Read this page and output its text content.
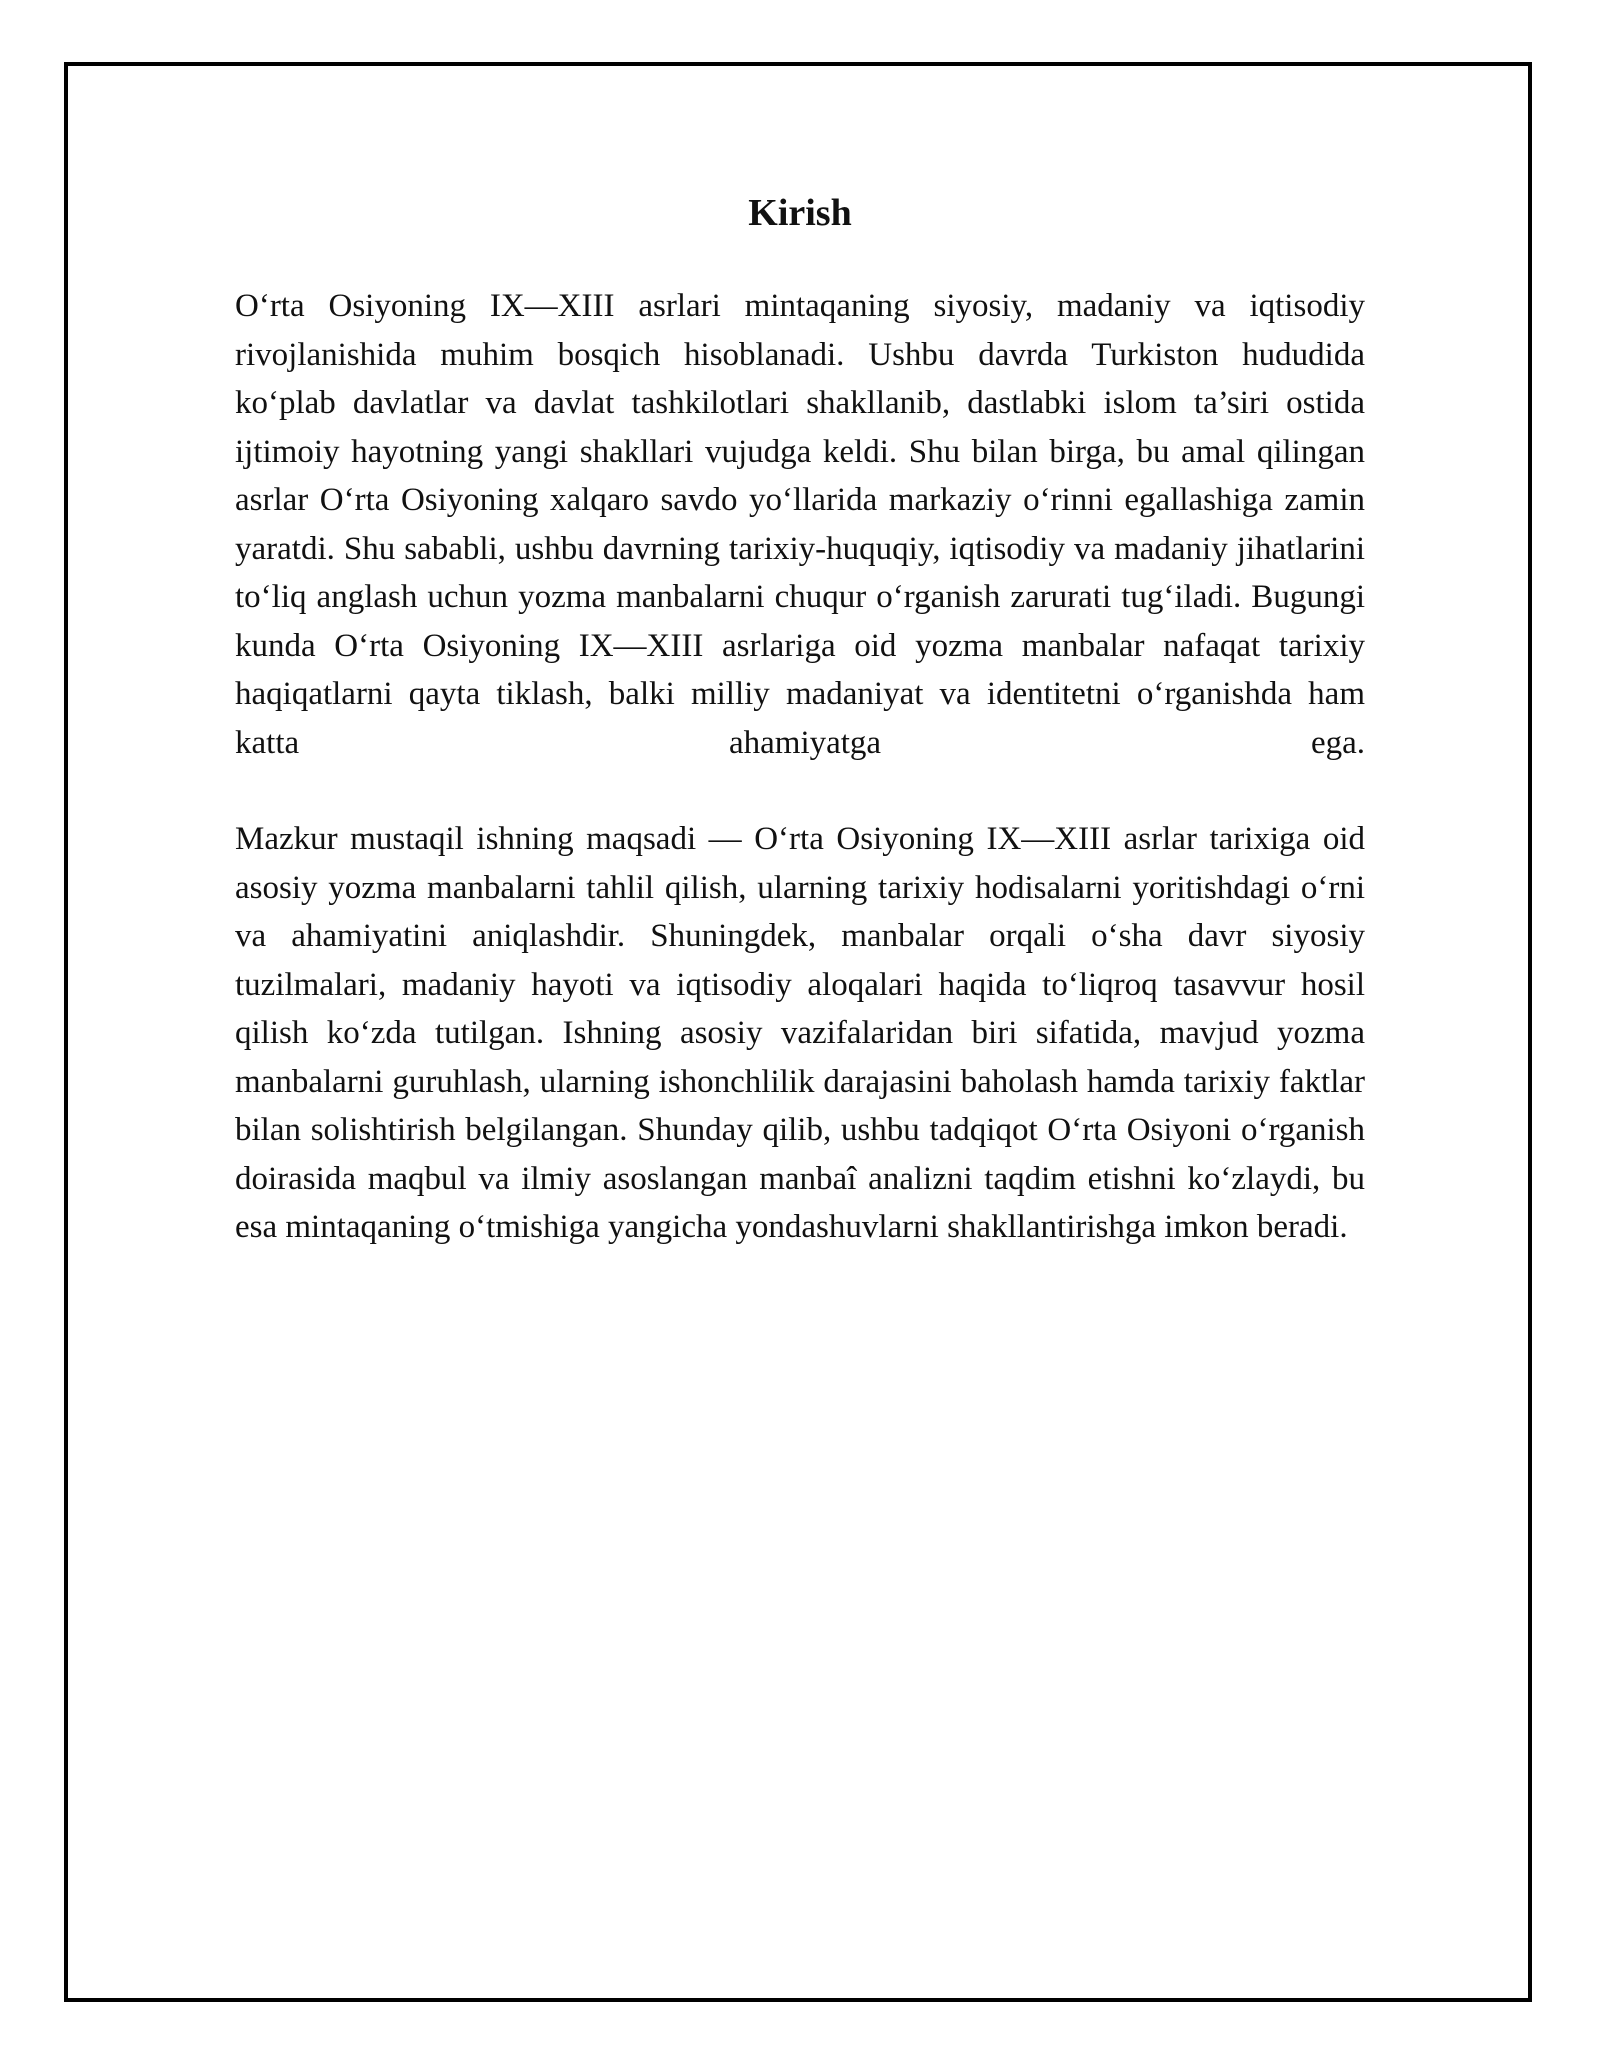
Kirish

O‘rta Osiyoning IX—XIII asrlari mintaqaning siyosiy, madaniy va iqtisodiy rivojlanishida muhim bosqich hisoblanadi. Ushbu davrda Turkiston hududida ko‘plab davlatlar va davlat tashkilotlari shakllanib, dastlabki islom ta’siri ostida ijtimoiy hayotning yangi shakllari vujudga keldi. Shu bilan birga, bu amal qilingan asrlar O‘rta Osiyoning xalqaro savdo yo‘llarida markaziy o‘rinni egallashiga zamin yaratdi. Shu sababli, ushbu davrning tarixiy-huquqiy, iqtisodiy va madaniy jihatlarini to‘liq anglash uchun yozma manbalarni chuqur o‘rganish zarurati tug‘iladi. Bugungi kunda O‘rta Osiyoning IX—XIII asrlariga oid yozma manbalar nafaqat tarixiy haqiqatlarni qayta tiklash, balki milliy madaniyat va identitetni o‘rganishda ham katta ahamiyatga ega.

Mazkur mustaqil ishning maqsadi — O‘rta Osiyoning IX—XIII asrlar tarixiga oid asosiy yozma manbalarni tahlil qilish, ularning tarixiy hodisalarni yoritishdagi o‘rni va ahamiyatini aniqlashdir. Shuningdek, manbalar orqali o‘sha davr siyosiy tuzilmalari, madaniy hayoti va iqtisodiy aloqalari haqida to‘liqroq tasavvur hosil qilish ko‘zda tutilgan. Ishning asosiy vazifalaridan biri sifatida, mavjud yozma manbalarni guruhlash, ularning ishonchlilik darajasini baholash hamda tarixiy faktlar bilan solishtirish belgilangan. Shunday qilib, ushbu tadqiqot O‘rta Osiyoni o‘rganish doirasida maqbul va ilmiy asoslangan manbaî analizni taqdim etishni ko‘zlaydi, bu esa mintaqaning o‘tmishiga yangicha yondashuvlarni shakllantirishga imkon beradi.
